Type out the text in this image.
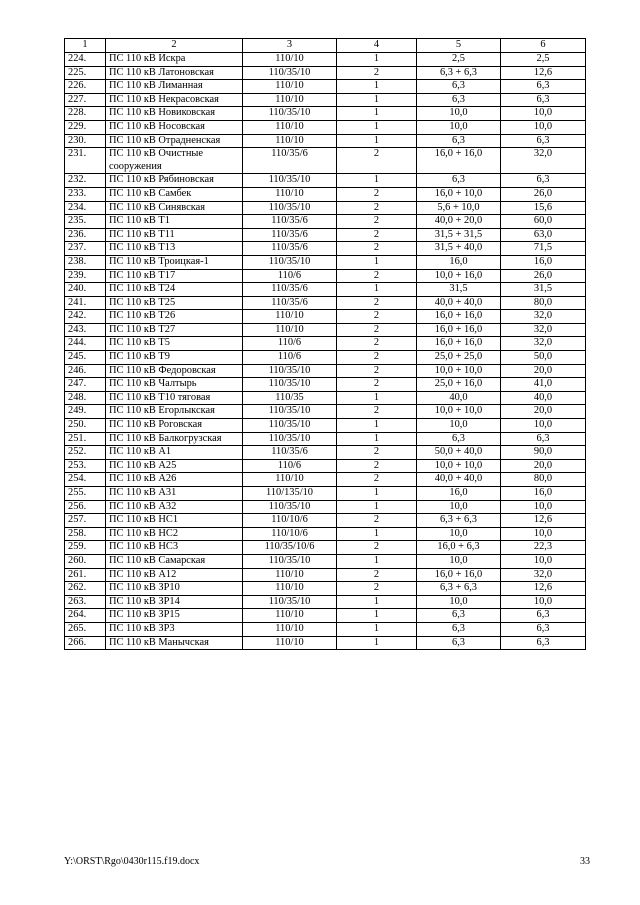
1	2	3	4	5	6
224.	ПС 110 кВ Искра	110/10	1	2,5	2,5
225.	ПС 110 кВ Латоновская	110/35/10	2	6,3 + 6,3	12,6
226.	ПС 110 кВ Лиманная	110/10	1	6,3	6,3
227.	ПС 110 кВ Некрасовская	110/10	1	6,3	6,3
228.	ПС 110 кВ Новиковская	110/35/10	1	10,0	10,0
229.	ПС 110 кВ Носовская	110/10	1	10,0	10,0
230.	ПС 110 кВ Отрадненская	110/10	1	6,3	6,3
231.	ПС 110 кВ Очистные сооружения	110/35/6	2	16,0 + 16,0	32,0
232.	ПС 110 кВ Рябиновская	110/35/10	1	6,3	6,3
233.	ПС 110 кВ Самбек	110/10	2	16,0 + 10,0	26,0
234.	ПС 110 кВ Синявская	110/35/10	2	5,6 + 10,0	15,6
235.	ПС 110 кВ Т1	110/35/6	2	40,0 + 20,0	60,0
236.	ПС 110 кВ Т11	110/35/6	2	31,5 + 31,5	63,0
237.	ПС 110 кВ Т13	110/35/6	2	31,5 + 40,0	71,5
238.	ПС 110 кВ Троицкая-1	110/35/10	1	16,0	16,0
239.	ПС 110 кВ Т17	110/6	2	10,0 + 16,0	26,0
240.	ПС 110 кВ Т24	110/35/6	1	31,5	31,5
241.	ПС 110 кВ Т25	110/35/6	2	40,0 + 40,0	80,0
242.	ПС 110 кВ Т26	110/10	2	16,0 + 16,0	32,0
243.	ПС 110 кВ Т27	110/10	2	16,0 + 16,0	32,0
244.	ПС 110 кВ Т5	110/6	2	16,0 + 16,0	32,0
245.	ПС 110 кВ Т9	110/6	2	25,0 + 25,0	50,0
246.	ПС 110 кВ Федоровская	110/35/10	2	10,0 + 10,0	20,0
247.	ПС 110 кВ Чалтырь	110/35/10	2	25,0 + 16,0	41,0
248.	ПС 110 кВ Т10 тяговая	110/35	1	40,0	40,0
249.	ПС 110 кВ Егорлыкская	110/35/10	2	10,0 + 10,0	20,0
250.	ПС 110 кВ Роговская	110/35/10	1	10,0	10,0
251.	ПС 110 кВ Балкогрузская	110/35/10	1	6,3	6,3
252.	ПС 110 кВ А1	110/35/6	2	50,0 + 40,0	90,0
253.	ПС 110 кВ А25	110/6	2	10,0 + 10,0	20,0
254.	ПС 110 кВ А26	110/10	2	40,0 + 40,0	80,0
255.	ПС 110 кВ А31	110/135/10	1	16,0	16,0
256.	ПС 110 кВ А32	110/35/10	1	10,0	10,0
257.	ПС 110 кВ НС1	110/10/6	2	6,3 + 6,3	12,6
258.	ПС 110 кВ НС2	110/10/6	1	10,0	10,0
259.	ПС 110 кВ НС3	110/35/10/6	2	16,0 + 6,3	22,3
260.	ПС 110 кВ Самарская	110/35/10	1	10,0	10,0
261.	ПС 110 кВ А12	110/10	2	16,0 + 16,0	32,0
262.	ПС 110 кВ ЗР10	110/10	2	6,3 + 6,3	12,6
263.	ПС 110 кВ ЗР14	110/35/10	1	10,0	10,0
264.	ПС 110 кВ ЗР15	110/10	1	6,3	6,3
265.	ПС 110 кВ ЗР3	110/10	1	6,3	6,3
266.	ПС 110 кВ Манычская	110/10	1	6,3	6,3
Y:\ORST\Rgo\0430r115.f19.docx	33
